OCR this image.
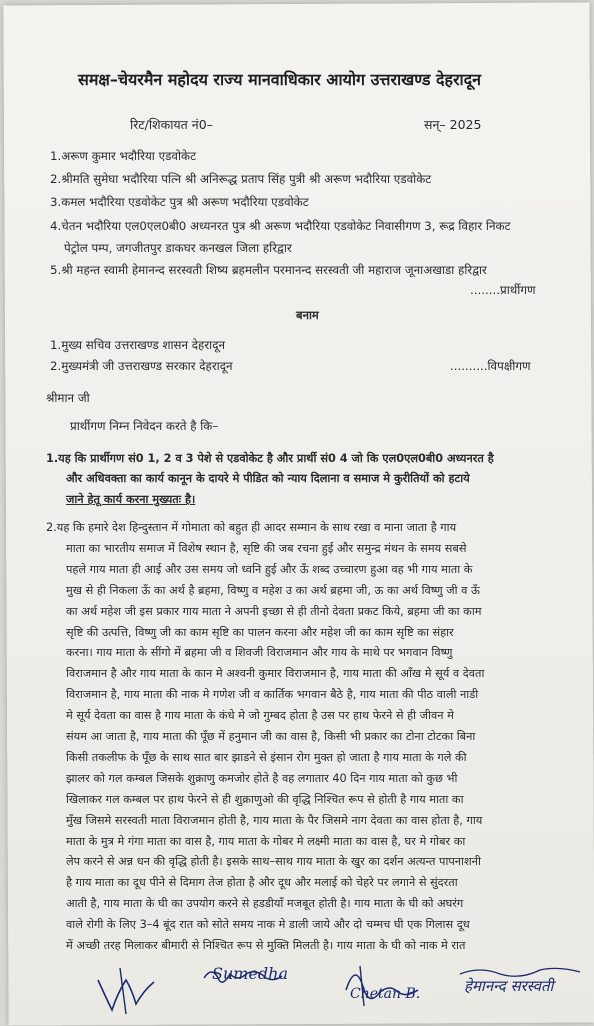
समक्ष–चेयरमैन महोदय राज्य मानवाधिकार आयोग उत्तराखण्ड देहरादून
रिट/शिकायत नं0–	सन्– 2025
1.अरूण कुमार भदौरिया एडवोकेट
2.श्रीमति सुमेघा भदौरिया पत्नि श्री अनिरूद्ध प्रताप सिंह पुत्री श्री अरूण भदौरिया एडवोकेट
3.कमल भदौरिया एडवोकेट पुत्र श्री अरूण भदौरिया एडवोकेट
4.चेतन भदौरिया एल0एल0बी0 अध्यनरत पुत्र श्री अरूण भदौरिया एडवोकेट निवासीगण 3, रूद्र विहार निकट
पेट्रोल पम्प, जगजीतपुर डाकघर कनखल जिला हरिद्वार
5.श्री महन्त स्वामी हेमानन्द सरस्वती शिष्य ब्रहमलीन परमानन्द सरस्वती जी महाराज जूनाअखाडा हरिद्वार
........प्रार्थीगण
बनाम
1.मुख्य सचिव उत्तराखण्ड शासन देहरादून
2.मुख्यमंत्री जी उत्तराखण्ड सरकार देहरादून	..........विपक्षीगण
श्रीमान जी
प्रार्थीगण निम्न निवेदन करते है कि–
1.यह कि प्रार्थीगण सं0 1, 2 व 3 पेशे से एडवोकेट है और प्रार्थी सं0 4 जो कि एल0एल0बी0 अध्यनरत है
और अधिवक्ता का कार्य कानून के दायरे मे पीडित को न्याय दिलाना व समाज मे कुरीतियों को हटाये
जाने हेतू कार्य करना मुख्यतः है।
2.यह कि हमारे देश हिन्दुस्तान में गोमाता को बहुत ही आदर सम्मान के साथ रखा व माना जाता है गाय
माता का भारतीय समाज में विशेष स्थान है, सृष्टि की जब रचना हुई और समुन्द्र मंथन के समय सबसे
पहले गाय माता ही आई और उस समय जो ध्वनि हुई और ऊँ शब्द उच्चारण हुआ वह भी गाय माता के
मुख से ही निकला ऊँ का अर्थ है ब्रहमा, विष्णु व महेश उ का अर्थ ब्रहमा जी, ऊ का अर्थ विष्णु जी व ऊँ
का अर्थ महेश जी इस प्रकार गाय माता ने अपनी इच्छा से ही तीनो देवता प्रकट किये, ब्रहमा जी का काम
सृष्टि की उत्पत्ति, विष्णु जी का काम सृष्टि का पालन करना और महेश जी का काम सृष्टि का संहार
करना। गाय माता के सींगो में ब्रहमा जी व शिवजी विराजमान और गाय के माथे पर भगवान विष्णु
विराजमान है और गाय माता के कान मे अश्वनी कुमार विराजमान है, गाय माता की आँख मे सूर्य व देवता
विराजमान है, गाय माता की नाक मे गणेश जी व कार्तिक भगवान बैठे है, गाय माता की पीठ वाली नाडी
मे सूर्य देवता का वास है गाय माता के कंधे मे जो गुम्बद होता है उस पर हाथ फेरने से ही जीवन मे
संयम आ जाता है, गाय माता की पूँछ में हनुमान जी का वास है, किसी भी प्रकार का टोना टोटका बिना
किसी तकलीफ के पूँछ के साथ सात बार झाडने से इंसान रोग मुक्त हो जाता है गाय माता के गले की
झालर को गल कम्बल जिसके शुक्राणु कमजोर होते है वह लगातार 40 दिन गाय माता को कुछ भी
खिलाकर गल कम्बल पर हाथ फेरने से ही शुक्राणुओ की वृद्धि निश्चित रूप से होती है गाय माता का
मुँख जिसमे सरस्वती माता विराजमान होती है, गाय माता के पैर जिसमे नाग देवता का वास होता है, गाय
माता के मुत्र मे गंगा माता का वास है, गाय माता के गोबर मे लक्ष्मी माता का वास है, घर मे गोबर का
लेप करने से अन्न धन की वृद्धि होती है। इसके साथ–साथ गाय माता के खुर का दर्शन अत्यन्त पापनाशनी
है गाय माता का दूध पीने से दिमाग तेज होता है और दूध और मलाई को चेहरे पर लगाने से सुंदरता
आती है, गाय माता के घी का उपयोग करने से हडडीयाँ मजबूत होती है। गाय माता के घी को अघरंग
वाले रोगी के लिए 3–4 बूंद रात को सोते समय नाक मे डाली जाये और दो चम्मच घी एक गिलास दूध
में अच्छी तरह मिलाकर बीमारी से निश्चित रूप से मुक्ति मिलती है। गाय माता के घी को नाक मे रात
Sumedha
Chetan B.	हेमानन्द सरस्वती
